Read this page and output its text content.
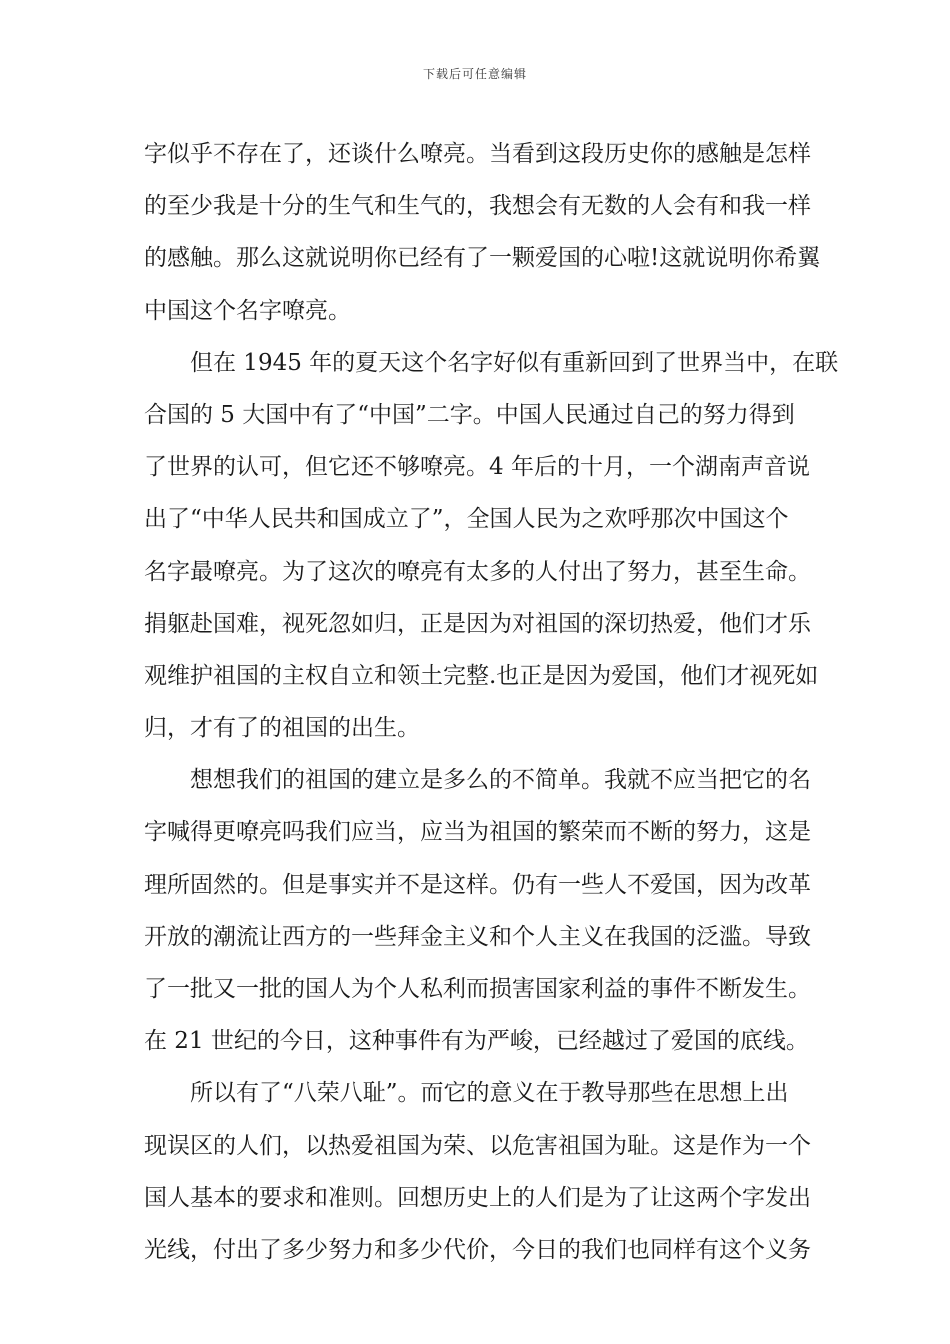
下载后可任意编辑
字似乎不存在了，还谈什么嘹亮。当看到这段历史你的感触是怎样
的至少我是十分的生气和生气的，我想会有无数的人会有和我一样
的感触。那么这就说明你已经有了一颗爱国的心啦!这就说明你希翼
中国这个名字嘹亮。
但在 1945 年的夏天这个名字好似有重新回到了世界当中，在联
合国的 5 大国中有了“中国”二字。中国人民通过自己的努力得到
了世界的认可，但它还不够嘹亮。4 年后的十月，一个湖南声音说
出了“中华人民共和国成立了”，全国人民为之欢呼那次中国这个
名字最嘹亮。为了这次的嘹亮有太多的人付出了努力，甚至生命。
捐躯赴国难，视死忽如归，正是因为对祖国的深切热爱，他们才乐
观维护祖国的主权自立和领土完整.也正是因为爱国，他们才视死如
归，才有了的祖国的出生。
想想我们的祖国的建立是多么的不简单。我就不应当把它的名
字喊得更嘹亮吗我们应当，应当为祖国的繁荣而不断的努力，这是
理所固然的。但是事实并不是这样。仍有一些人不爱国，因为改革
开放的潮流让西方的一些拜金主义和个人主义在我国的泛滥。导致
了一批又一批的国人为个人私利而损害国家利益的事件不断发生。
在 21 世纪的今日，这种事件有为严峻，已经越过了爱国的底线。
所以有了“八荣八耻”。而它的意义在于教导那些在思想上出
现误区的人们，以热爱祖国为荣、以危害祖国为耻。这是作为一个
国人基本的要求和准则。回想历史上的人们是为了让这两个字发出
光线，付出了多少努力和多少代价，今日的我们也同样有这个义务
